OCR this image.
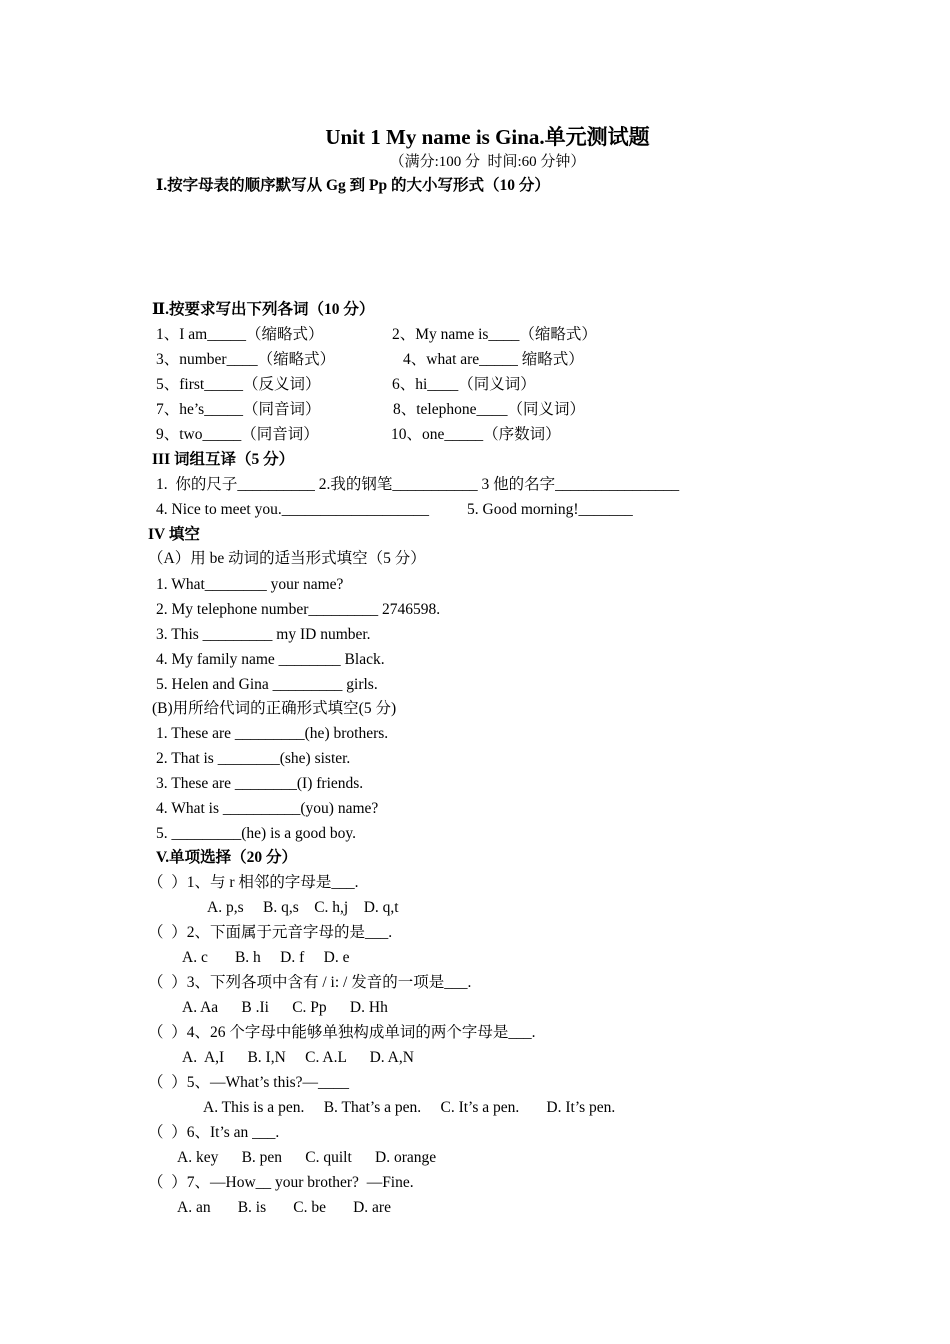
Unit 1 My name is Gina.单元测试题
（满分:100 分  时间:60 分钟）
Ⅰ.按字母表的顺序默写从 Gg 到 Pp 的大小写形式（10 分）
Ⅱ.按要求写出下列各词（10 分）
1、I am_____（缩略式）	2、My name is____（缩略式）
3、number____（缩略式）	4、what are_____ 缩略式）
5、first_____（反义词）	6、hi____（同义词）
7、he’s_____（同音词）	8、telephone____（同义词）
9、two_____（同音词）	10、one_____（序数词）
III 词组互译（5 分）
1.  你的尺子__________ 2.我的钢笔___________ 3 他的名字________________
4. Nice to meet you.___________________ 5. Good morning!_______
IV 填空
（A）用 be 动词的适当形式填空（5 分）
1. What________ your name?
2. My telephone number_________ 2746598.
3. This _________ my ID number.
4. My family name ________ Black.
5. Helen and Gina _________ girls.
(B)用所给代词的正确形式填空(5 分)
1. These are _________(he) brothers.
2. That is ________(she) sister.
3. These are ________(I) friends.
4. What is __________(you) name?
5. _________(he) is a good boy.
V.单项选择（20 分）
（  ）1、与 r 相邻的字母是___.
A. p,s     B. q,s    C. h,j    D. q,t
（  ）2、下面属于元音字母的是___.
A. c       B. h     D. f     D. e
（  ）3、下列各项中含有 / i: / 发音的一项是___.
A. Aa      B .Ii      C. Pp      D. Hh
（  ）4、26 个字母中能够单独构成单词的两个字母是___.
A.  A,I      B. I,N     C. A.L      D. A,N
（  ）5、—What’s this?—____
A. This is a pen.     B. That’s a pen.     C. It’s a pen.       D. It’s pen.
（  ）6、It’s an ___.
A. key      B. pen      C. quilt      D. orange
（  ）7、—How__ your brother?  —Fine.
A. an       B. is       C. be       D. are
